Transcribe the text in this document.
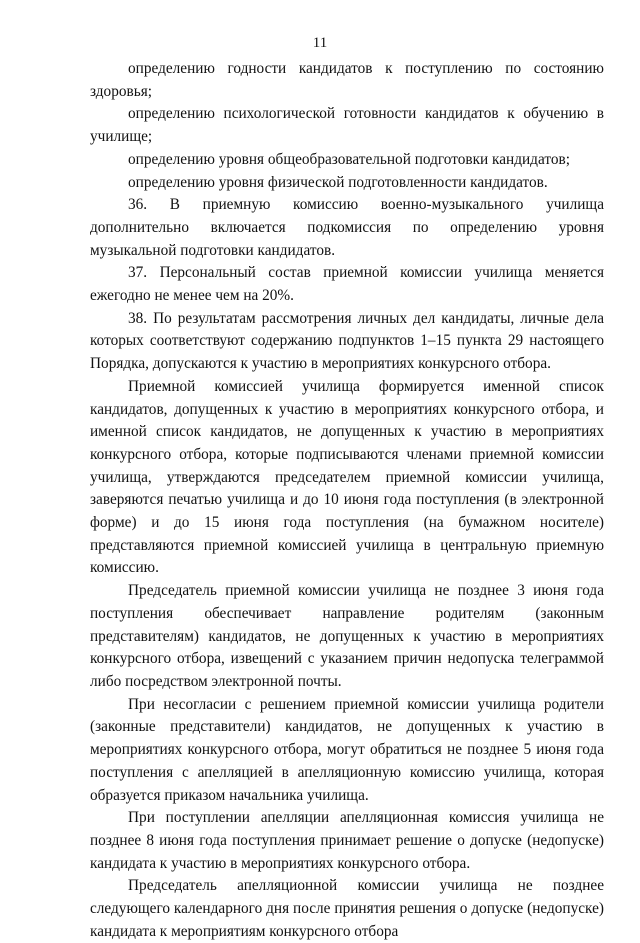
11

определению годности кандидатов к поступлению по состоянию здоровья;

определению психологической готовности кандидатов к обучению в училище;

определению уровня общеобразовательной подготовки кандидатов;

определению уровня физической подготовленности кандидатов.

36. В приемную комиссию военно-музыкального училища дополнительно включается подкомиссия по определению уровня музыкальной подготовки кандидатов.

37. Персональный состав приемной комиссии училища меняется ежегодно не менее чем на 20%.

38. По результатам рассмотрения личных дел кандидаты, личные дела которых соответствуют содержанию подпунктов 1–15 пункта 29 настоящего Порядка, допускаются к участию в мероприятиях конкурсного отбора.

Приемной комиссией училища формируется именной список кандидатов, допущенных к участию в мероприятиях конкурсного отбора, и именной список кандидатов, не допущенных к участию в мероприятиях конкурсного отбора, которые подписываются членами приемной комиссии училища, утверждаются председателем приемной комиссии училища, заверяются печатью училища и до 10 июня года поступления (в электронной форме) и до 15 июня года поступления (на бумажном носителе) представляются приемной комиссией училища в центральную приемную комиссию.

Председатель приемной комиссии училища не позднее 3 июня года поступления обеспечивает направление родителям (законным представителям) кандидатов, не допущенных к участию в мероприятиях конкурсного отбора, извещений с указанием причин недопуска телеграммой либо посредством электронной почты.

При несогласии с решением приемной комиссии училища родители (законные представители) кандидатов, не допущенных к участию в мероприятиях конкурсного отбора, могут обратиться не позднее 5 июня года поступления с апелляцией в апелляционную комиссию училища, которая образуется приказом начальника училища.

При поступлении апелляции апелляционная комиссия училища не позднее 8 июня года поступления принимает решение о допуске (недопуске) кандидата к участию в мероприятиях конкурсного отбора.

Председатель апелляционной комиссии училища не позднее следующего календарного дня после принятия решения о допуске (недопуске) кандидата к мероприятиям конкурсного отбора
